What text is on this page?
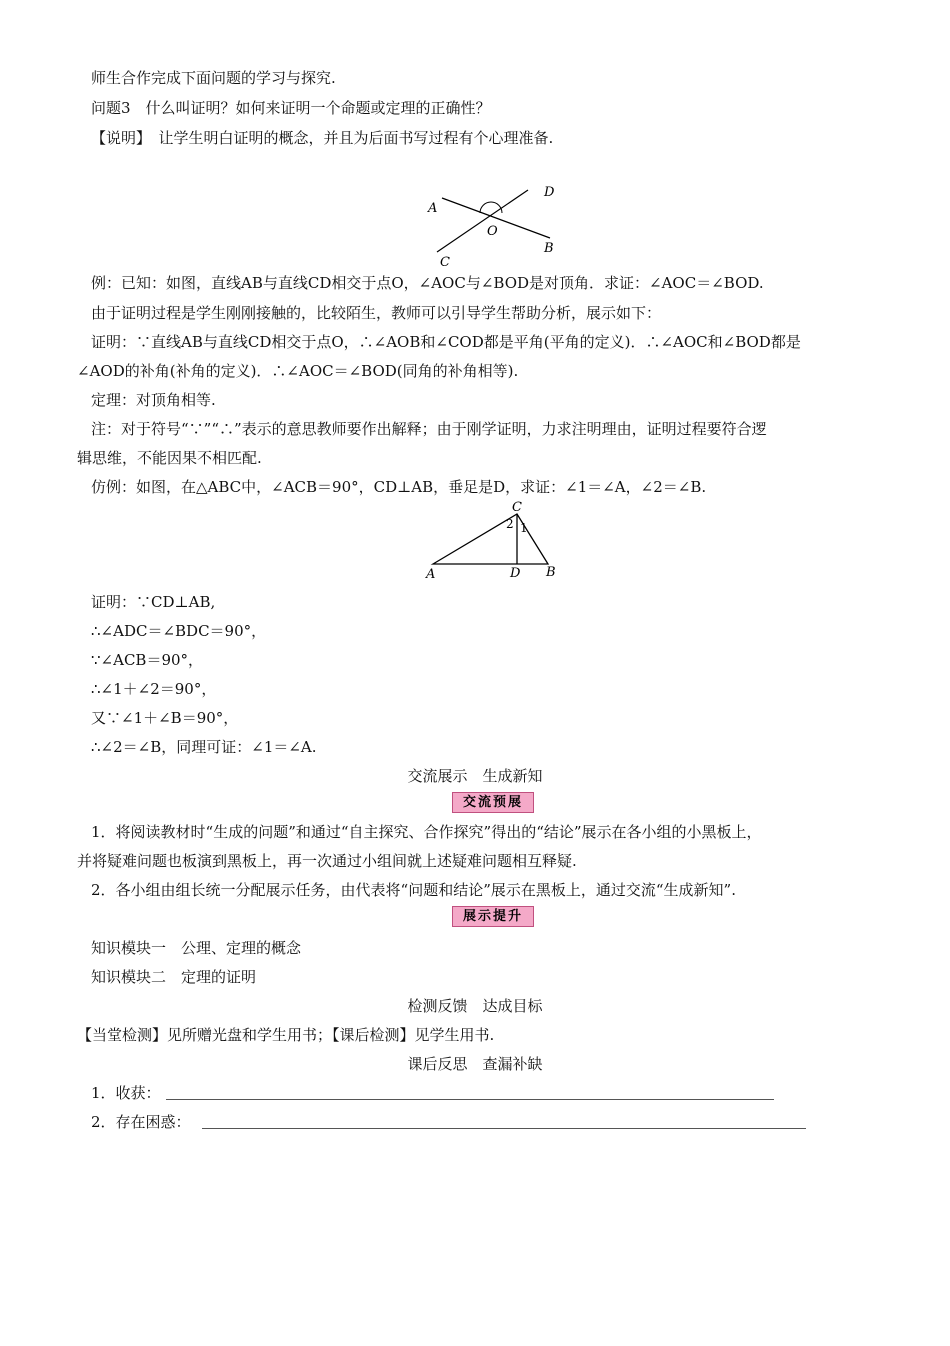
师生合作完成下面问题的学习与探究.
问题3　什么叫证明？如何来证明一个命题或定理的正确性？
【说明】　让学生明白证明的概念，并且为后面书写过程有个心理准备.
A
B
C
D
O
例：已知：如图，直线AB与直线CD相交于点O，∠AOC与∠BOD是对顶角．求证：∠AOC＝∠BOD.
由于证明过程是学生刚刚接触的，比较陌生，教师可以引导学生帮助分析，展示如下：
证明：∵直线AB与直线CD相交于点O，∴∠AOB和∠COD都是平角(平角的定义)．∴∠AOC和∠BOD都是
∠AOD的补角(补角的定义)．∴∠AOC＝∠BOD(同角的补角相等).
定理：对顶角相等.
注：对于符号“∵”“∴”表示的意思教师要作出解释；由于刚学证明，力求注明理由，证明过程要符合逻
辑思维，不能因果不相匹配.
仿例：如图，在△ABC中，∠ACB＝90°，CD⊥AB，垂足是D，求证：∠1＝∠A，∠2＝∠B.
A	B
C
D
1
2
证明：∵CD⊥AB,
∴∠ADC＝∠BDC＝90°，
∵∠ACB＝90°，
∴∠1＋∠2＝90°，
又∵∠1＋∠B＝90°，
∴∠2＝∠B，同理可证：∠1＝∠A.
交流展示　生成新知
交流预展
1．将阅读教材时“生成的问题”和通过“自主探究、合作探究”得出的“结论”展示在各小组的小黑板上，
并将疑难问题也板演到黑板上，再一次通过小组间就上述疑难问题相互释疑.
2．各小组由组长统一分配展示任务，由代表将“问题和结论”展示在黑板上，通过交流“生成新知”.
展示提升
知识模块一　公理、定理的概念
知识模块二　定理的证明
检测反馈　达成目标
【当堂检测】见所赠光盘和学生用书；【课后检测】见学生用书.
课后反思　查漏补缺
1．收获：
2．存在困惑：
